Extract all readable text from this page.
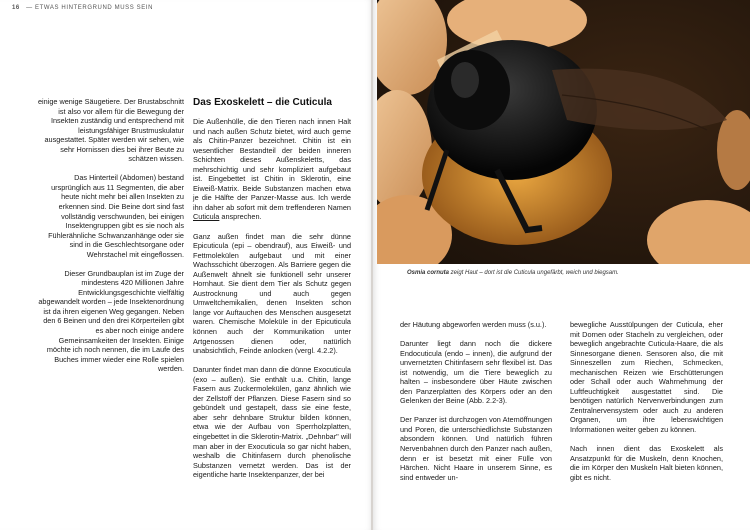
16 — ETWAS HINTERGRUND MUSS SEIN

einige wenige Säugetiere. Der Brustabschnitt ist also vor allem für die Bewegung der Insekten zuständig und entsprechend mit leistungsfähiger Brustmuskulatur ausgestattet. Später werden wir sehen, wie sehr Hornissen dies bei ihrer Beute zu schätzen wissen.

Das Hinterteil (Abdomen) bestand ursprünglich aus 11 Segmenten, die aber heute nicht mehr bei allen Insekten zu erkennen sind. Die Beine dort sind fast vollständig verschwunden, bei einigen Insektengruppen gibt es sie noch als Fühlerähnliche Schwanzanhänge oder sie sind in die Geschlechtsorgane oder Wehrstachel mit eingeflossen.

Dieser Grundbauplan ist im Zuge der mindestens 420 Millionen Jahre Entwicklungsgeschichte vielfältig abgewandelt worden – jede Insektenordnung ist da ihren eigenen Weg gegangen. Neben den 6 Beinen und den drei Körperteilen gibt es aber noch einige andere Gemeinsamkeiten der Insekten. Einige möchte ich noch nennen, die im Laufe des Buches immer wieder eine Rolle spielen werden.

Das Exoskelett – die Cuticula

Die Außenhülle, die den Tieren nach innen Halt und nach außen Schutz bietet, wird auch gerne als Chitin-Panzer bezeichnet. Chitin ist ein wesentlicher Bestandteil der beiden inneren Schichten dieses Außenskeletts, das mehrschichtig und sehr kompliziert aufgebaut ist. Eingebettet ist Chitin in Sklerotin, eine Eiweiß-Matrix. Beide Substanzen machen etwa je die Hälfte der Panzer-Masse aus. Ich werde ihn daher ab sofort mit dem treffenderen Namen Cuticula ansprechen.

Ganz außen findet man die sehr dünne Epicuticula (epi – obendrauf), aus Eiweiß- und Fettmolekülen aufgebaut und mit einer Wachsschicht überzogen. Als Barriere gegen die Außenwelt ähnelt sie funktionell sehr unserer Hornhaut. Sie dient dem Tier als Schutz gegen Austrocknung und auch gegen Umweltchemikalien, denen Insekten schon lange vor Auftauchen des Menschen ausgesetzt waren. Chemische Moleküle in der Epicuticula können auch der Kommunikation unter Artgenossen dienen oder, natürlich unabsichtlich, Feinde anlocken (vergl. 4.2.2).

Darunter findet man dann die dünne Exocuticula (exo – außen). Sie enthält u.a. Chitin, lange Fasern aus Zuckermolekülen, ganz ähnlich wie der Zellstoff der Pflanzen. Diese Fasern sind so gebündelt und gestapelt, dass sie eine feste, aber sehr dehnbare Struktur bilden können, etwa wie der Aufbau von Sperrholzplatten, eingebettet in die Sklerotin-Matrix. „Dehnbar" will man aber in der Exocuticula so gar nicht haben, weshalb die Chitinfasern durch phenolische Substanzen vernetzt werden. Das ist der eigentliche harte Insektenpanzer, der bei

Osmia cornuta zeigt Haut – dort ist die Cuticula ungefärbt, weich und biegsam.

der Häutung abgeworfen werden muss (s.u.).

Darunter liegt dann noch die dickere Endocuticula (endo – innen), die aufgrund der unvernetzten Chitinfasern sehr flexibel ist. Das ist notwendig, um die Tiere beweglich zu halten – insbesondere über Häute zwischen den Panzerplatten des Körpers oder an den Gelenken der Beine (Abb. 2.2-3).

Der Panzer ist durchzogen von Atemöffnungen und Poren, die unterschiedlichste Substanzen absondern können. Und natürlich führen Nervenbahnen durch den Panzer nach außen, denn er ist besetzt mit einer Fülle von Härchen. Nicht Haare in unserem Sinne, es sind entweder un-

bewegliche Ausstülpungen der Cuticula, eher mit Dornen oder Stacheln zu vergleichen, oder beweglich angebrachte Cuticula-Haare, die als Sinnesorgane dienen. Sensoren also, die mit Sinneszellen zum Riechen, Schmecken, mechanischen Reizen wie Erschütterungen oder Schall oder auch Wahrnehmung der Luftfeuchtigkeit ausgestattet sind. Die benötigen natürlich Nervenverbindungen zum Zentralnervensystem oder auch zu anderen Organen, um ihre lebenswichtigen Informationen weiter geben zu können.

Nach innen dient das Exoskelett als Ansatzpunkt für die Muskeln, denn Knochen, die im Körper den Muskeln Halt bieten können, gibt es nicht.
